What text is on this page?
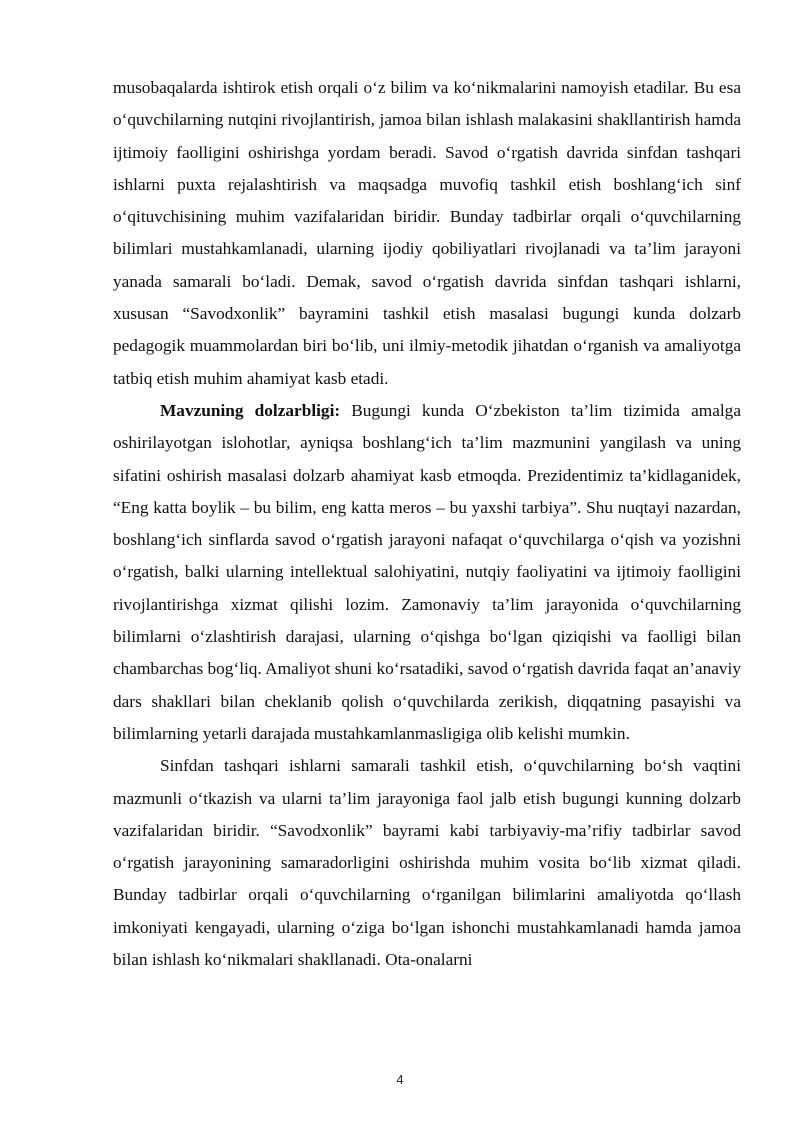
musobaqalarda ishtirok etish orqali o‘z bilim va ko‘nikmalarini namoyish etadilar. Bu esa o‘quvchilarning nutqini rivojlantirish, jamoa bilan ishlash malakasini shakllantirish hamda ijtimoiy faolligini oshirishga yordam beradi. Savod o‘rgatish davrida sinfdan tashqari ishlarni puxta rejalashtirish va maqsadga muvofiq tashkil etish boshlang‘ich sinf o‘qituvchisining muhim vazifalaridan biridir. Bunday tadbirlar orqali o‘quvchilarning bilimlari mustahkamlanadi, ularning ijodiy qobiliyatlari rivojlanadi va ta’lim jarayoni yanada samarali bo‘ladi. Demak, savod o‘rgatish davrida sinfdan tashqari ishlarni, xususan “Savodxonlik” bayramini tashkil etish masalasi bugungi kunda dolzarb pedagogik muammolardan biri bo‘lib, uni ilmiy-metodik jihatdan o‘rganish va amaliyotga tatbiq etish muhim ahamiyat kasb etadi.

Mavzuning dolzarbligi: Bugungi kunda O‘zbekiston ta’lim tizimida amalga oshirilayotgan islohotlar, ayniqsa boshlang‘ich ta’lim mazmunini yangilash va uning sifatini oshirish masalasi dolzarb ahamiyat kasb etmoqda. Prezidentimiz ta’kidlaganidek, “Eng katta boylik – bu bilim, eng katta meros – bu yaxshi tarbiya”. Shu nuqtayi nazardan, boshlang‘ich sinflarda savod o‘rgatish jarayoni nafaqat o‘quvchilarga o‘qish va yozishni o‘rgatish, balki ularning intellektual salohiyatini, nutqiy faoliyatini va ijtimoiy faolligini rivojlantirishga xizmat qilishi lozim. Zamonaviy ta’lim jarayonida o‘quvchilarning bilimlarni o‘zlashtirish darajasi, ularning o‘qishga bo‘lgan qiziqishi va faolligi bilan chambarchas bog‘liq. Amaliyot shuni ko‘rsatadiki, savod o‘rgatish davrida faqat an’anaviy dars shakllari bilan cheklanib qolish o‘quvchilarda zerikish, diqqatning pasayishi va bilimlarning yetarli darajada mustahkamlanmasligiga olib kelishi mumkin.

Sinfdan tashqari ishlarni samarali tashkil etish, o‘quvchilarning bo‘sh vaqtini mazmunli o‘tkazish va ularni ta’lim jarayoniga faol jalb etish bugungi kunning dolzarb vazifalaridan biridir. “Savodxonlik” bayrami kabi tarbiyaviy-ma’rifiy tadbirlar savod o‘rgatish jarayonining samaradorligini oshirishda muhim vosita bo‘lib xizmat qiladi. Bunday tadbirlar orqali o‘quvchilarning o‘rganilgan bilimlarini amaliyotda qo‘llash imkoniyati kengayadi, ularning o‘ziga bo‘lgan ishonchi mustahkamlanadi hamda jamoa bilan ishlash ko‘nikmalari shakllanadi. Ota-onalarni

4
